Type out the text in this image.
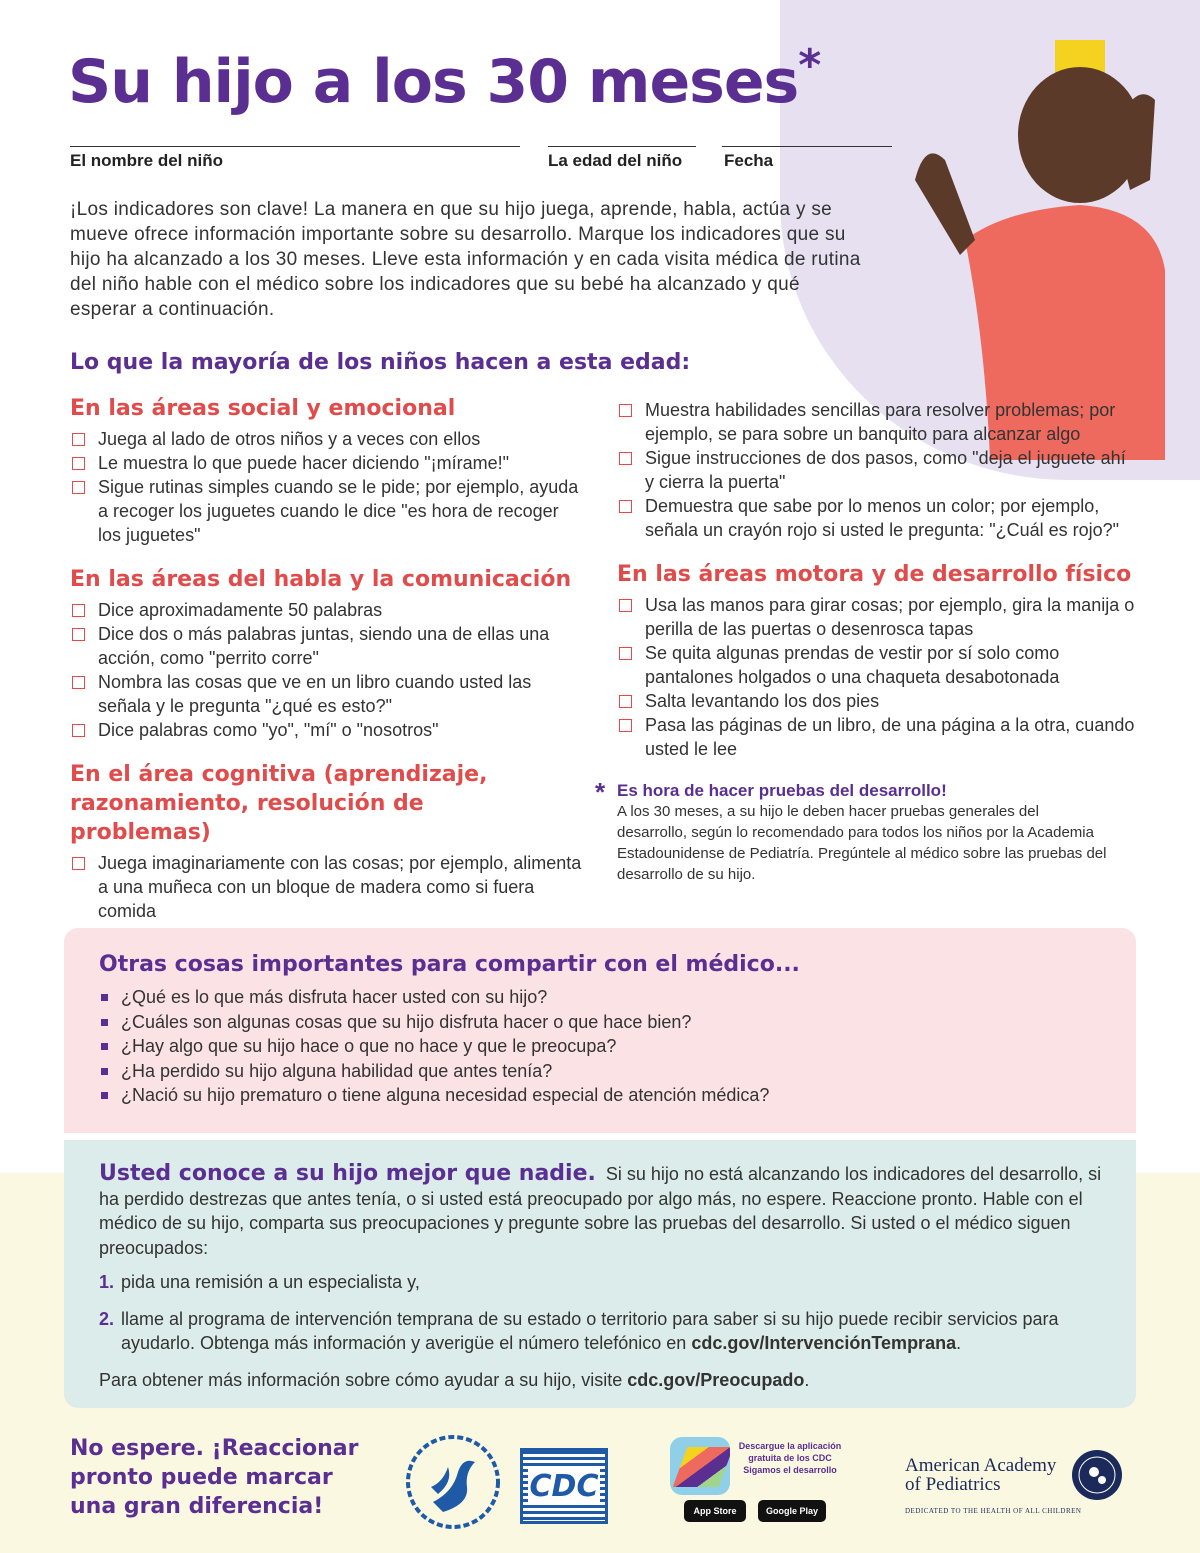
Su hijo a los 30 meses*
El nombre del niño	La edad del niño Fecha
¡Los indicadores son clave! La manera en que su hijo juega, aprende, habla, actúa y se mueve ofrece información importante sobre su desarrollo. Marque los indicadores que su hijo ha alcanzado a los 30 meses. Lleve esta información y en cada visita médica de rutina del niño hable con el médico sobre los indicadores que su bebé ha alcanzado y qué esperar a continuación.
Lo que la mayoría de los niños hacen a esta edad:
En las áreas social y emocional
Juega al lado de otros niños y a veces con ellos
Le muestra lo que puede hacer diciendo "¡mírame!"
Sigue rutinas simples cuando se le pide; por ejemplo, ayuda a recoger los juguetes cuando le dice "es hora de recoger los juguetes"
En las áreas del habla y la comunicación
Dice aproximadamente 50 palabras
Dice dos o más palabras juntas, siendo una de ellas una acción, como "perrito corre"
Nombra las cosas que ve en un libro cuando usted las señala y le pregunta "¿qué es esto?"
Dice palabras como "yo", "mí" o "nosotros"
En el área cognitiva (aprendizaje, razonamiento, resolución de problemas)
Juega imaginariamente con las cosas; por ejemplo, alimenta a una muñeca con un bloque de madera como si fuera comida
Muestra habilidades sencillas para resolver problemas; por ejemplo, se para sobre un banquito para alcanzar algo
Sigue instrucciones de dos pasos, como "deja el juguete ahí y cierra la puerta"
Demuestra que sabe por lo menos un color; por ejemplo, señala un crayón rojo si usted le pregunta: "¿Cuál es rojo?"
En las áreas motora y de desarrollo físico
Usa las manos para girar cosas; por ejemplo, gira la manija o perilla de las puertas o desenrosca tapas
Se quita algunas prendas de vestir por sí solo como pantalones holgados o una chaqueta desabotonada
Salta levantando los dos pies
Pasa las páginas de un libro, de una página a la otra, cuando usted le lee
* Es hora de hacer pruebas del desarrollo!
A los 30 meses, a su hijo le deben hacer pruebas generales del desarrollo, según lo recomendado para todos los niños por la Academia Estadounidense de Pediatría. Pregúntele al médico sobre las pruebas del desarrollo de su hijo.
Otras cosas importantes para compartir con el médico...
¿Qué es lo que más disfruta hacer usted con su hijo?
¿Cuáles son algunas cosas que su hijo disfruta hacer o que hace bien?
¿Hay algo que su hijo hace o que no hace y que le preocupa?
¿Ha perdido su hijo alguna habilidad que antes tenía?
¿Nació su hijo prematuro o tiene alguna necesidad especial de atención médica?
Usted conoce a su hijo mejor que nadie. Si su hijo no está alcanzando los indicadores del desarrollo, si ha perdido destrezas que antes tenía, o si usted está preocupado por algo más, no espere. Reaccione pronto. Hable con el médico de su hijo, comparta sus preocupaciones y pregunte sobre las pruebas del desarrollo. Si usted o el médico siguen preocupados:
1. pida una remisión a un especialista y,
2. llame al programa de intervención temprana de su estado o territorio para saber si su hijo puede recibir servicios para ayudarlo. Obtenga más información y averigüe el número telefónico en cdc.gov/IntervenciónTemprana.
Para obtener más información sobre cómo ayudar a su hijo, visite cdc.gov/Preocupado.
No espere. ¡Reaccionar
pronto puede marcar
una gran diferencia!
CDC
Descargue la aplicación gratuita de los CDC Sigamos el desarrollo
App Store	Google Play
American Academy
of Pediatrics
DEDICATED TO THE HEALTH OF ALL CHILDREN
